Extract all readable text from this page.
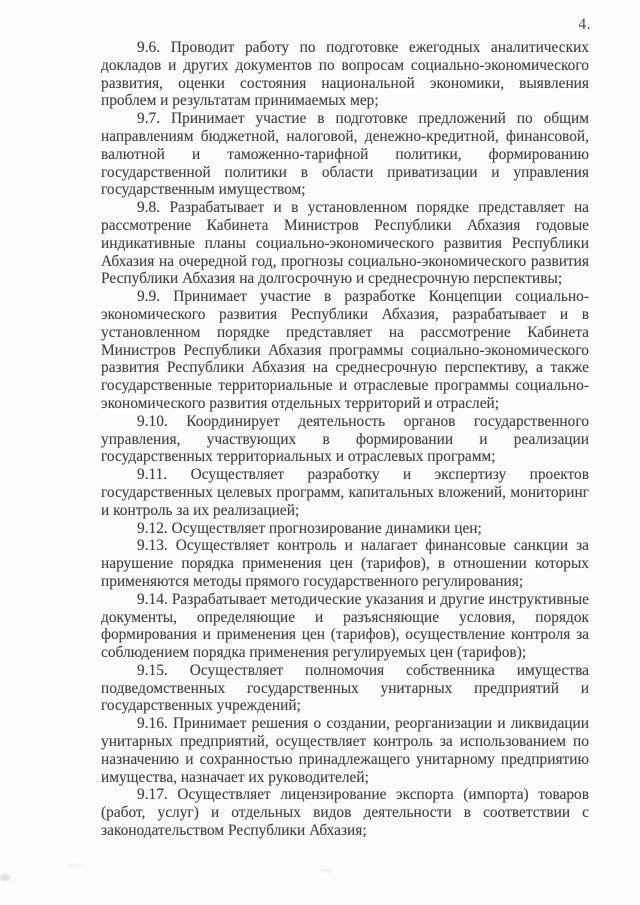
4.

9.6. Проводит работу по подготовке ежегодных аналитических докладов и других документов по вопросам социально-экономического развития, оценки состояния национальной экономики, выявления проблем и результатам принимаемых мер;

9.7. Принимает участие в подготовке предложений по общим направлениям бюджетной, налоговой, денежно-кредитной, финансовой, валютной и таможенно-тарифной политики, формированию государственной политики в области приватизации и управления государственным имуществом;

9.8. Разрабатывает и в установленном порядке представляет на рассмотрение Кабинета Министров Республики Абхазия годовые индикативные планы социально-экономического развития Республики Абхазия на очередной год, прогнозы социально-экономического развития Республики Абхазия на долгосрочную и среднесрочную перспективы;

9.9. Принимает участие в разработке Концепции социально-экономического развития Республики Абхазия, разрабатывает и в установленном порядке представляет на рассмотрение Кабинета Министров Республики Абхазия программы социально-экономического развития Республики Абхазия на среднесрочную перспективу, а также государственные территориальные и отраслевые программы социально-экономического развития отдельных территорий и отраслей;

9.10. Координирует деятельность органов государственного управления, участвующих в формировании и реализации государственных территориальных и отраслевых программ;

9.11. Осуществляет разработку и экспертизу проектов государственных целевых программ, капитальных вложений, мониторинг и контроль за их реализацией;

9.12. Осуществляет прогнозирование динамики цен;

9.13. Осуществляет контроль и налагает финансовые санкции за нарушение порядка применения цен (тарифов), в отношении которых применяются методы прямого государственного регулирования;

9.14. Разрабатывает методические указания и другие инструктивные документы, определяющие и разъясняющие условия, порядок формирования и применения цен (тарифов), осуществление контроля за соблюдением порядка применения регулируемых цен (тарифов);

9.15. Осуществляет полномочия собственника имущества подведомственных государственных унитарных предприятий и государственных учреждений;

9.16. Принимает решения о создании, реорганизации и ликвидации унитарных предприятий, осуществляет контроль за использованием по назначению и сохранностью принадлежащего унитарному предприятию имущества, назначает их руководителей;

9.17. Осуществляет лицензирование экспорта (импорта) товаров (работ, услуг) и отдельных видов деятельности в соответствии с законодательством Республики Абхазия;
